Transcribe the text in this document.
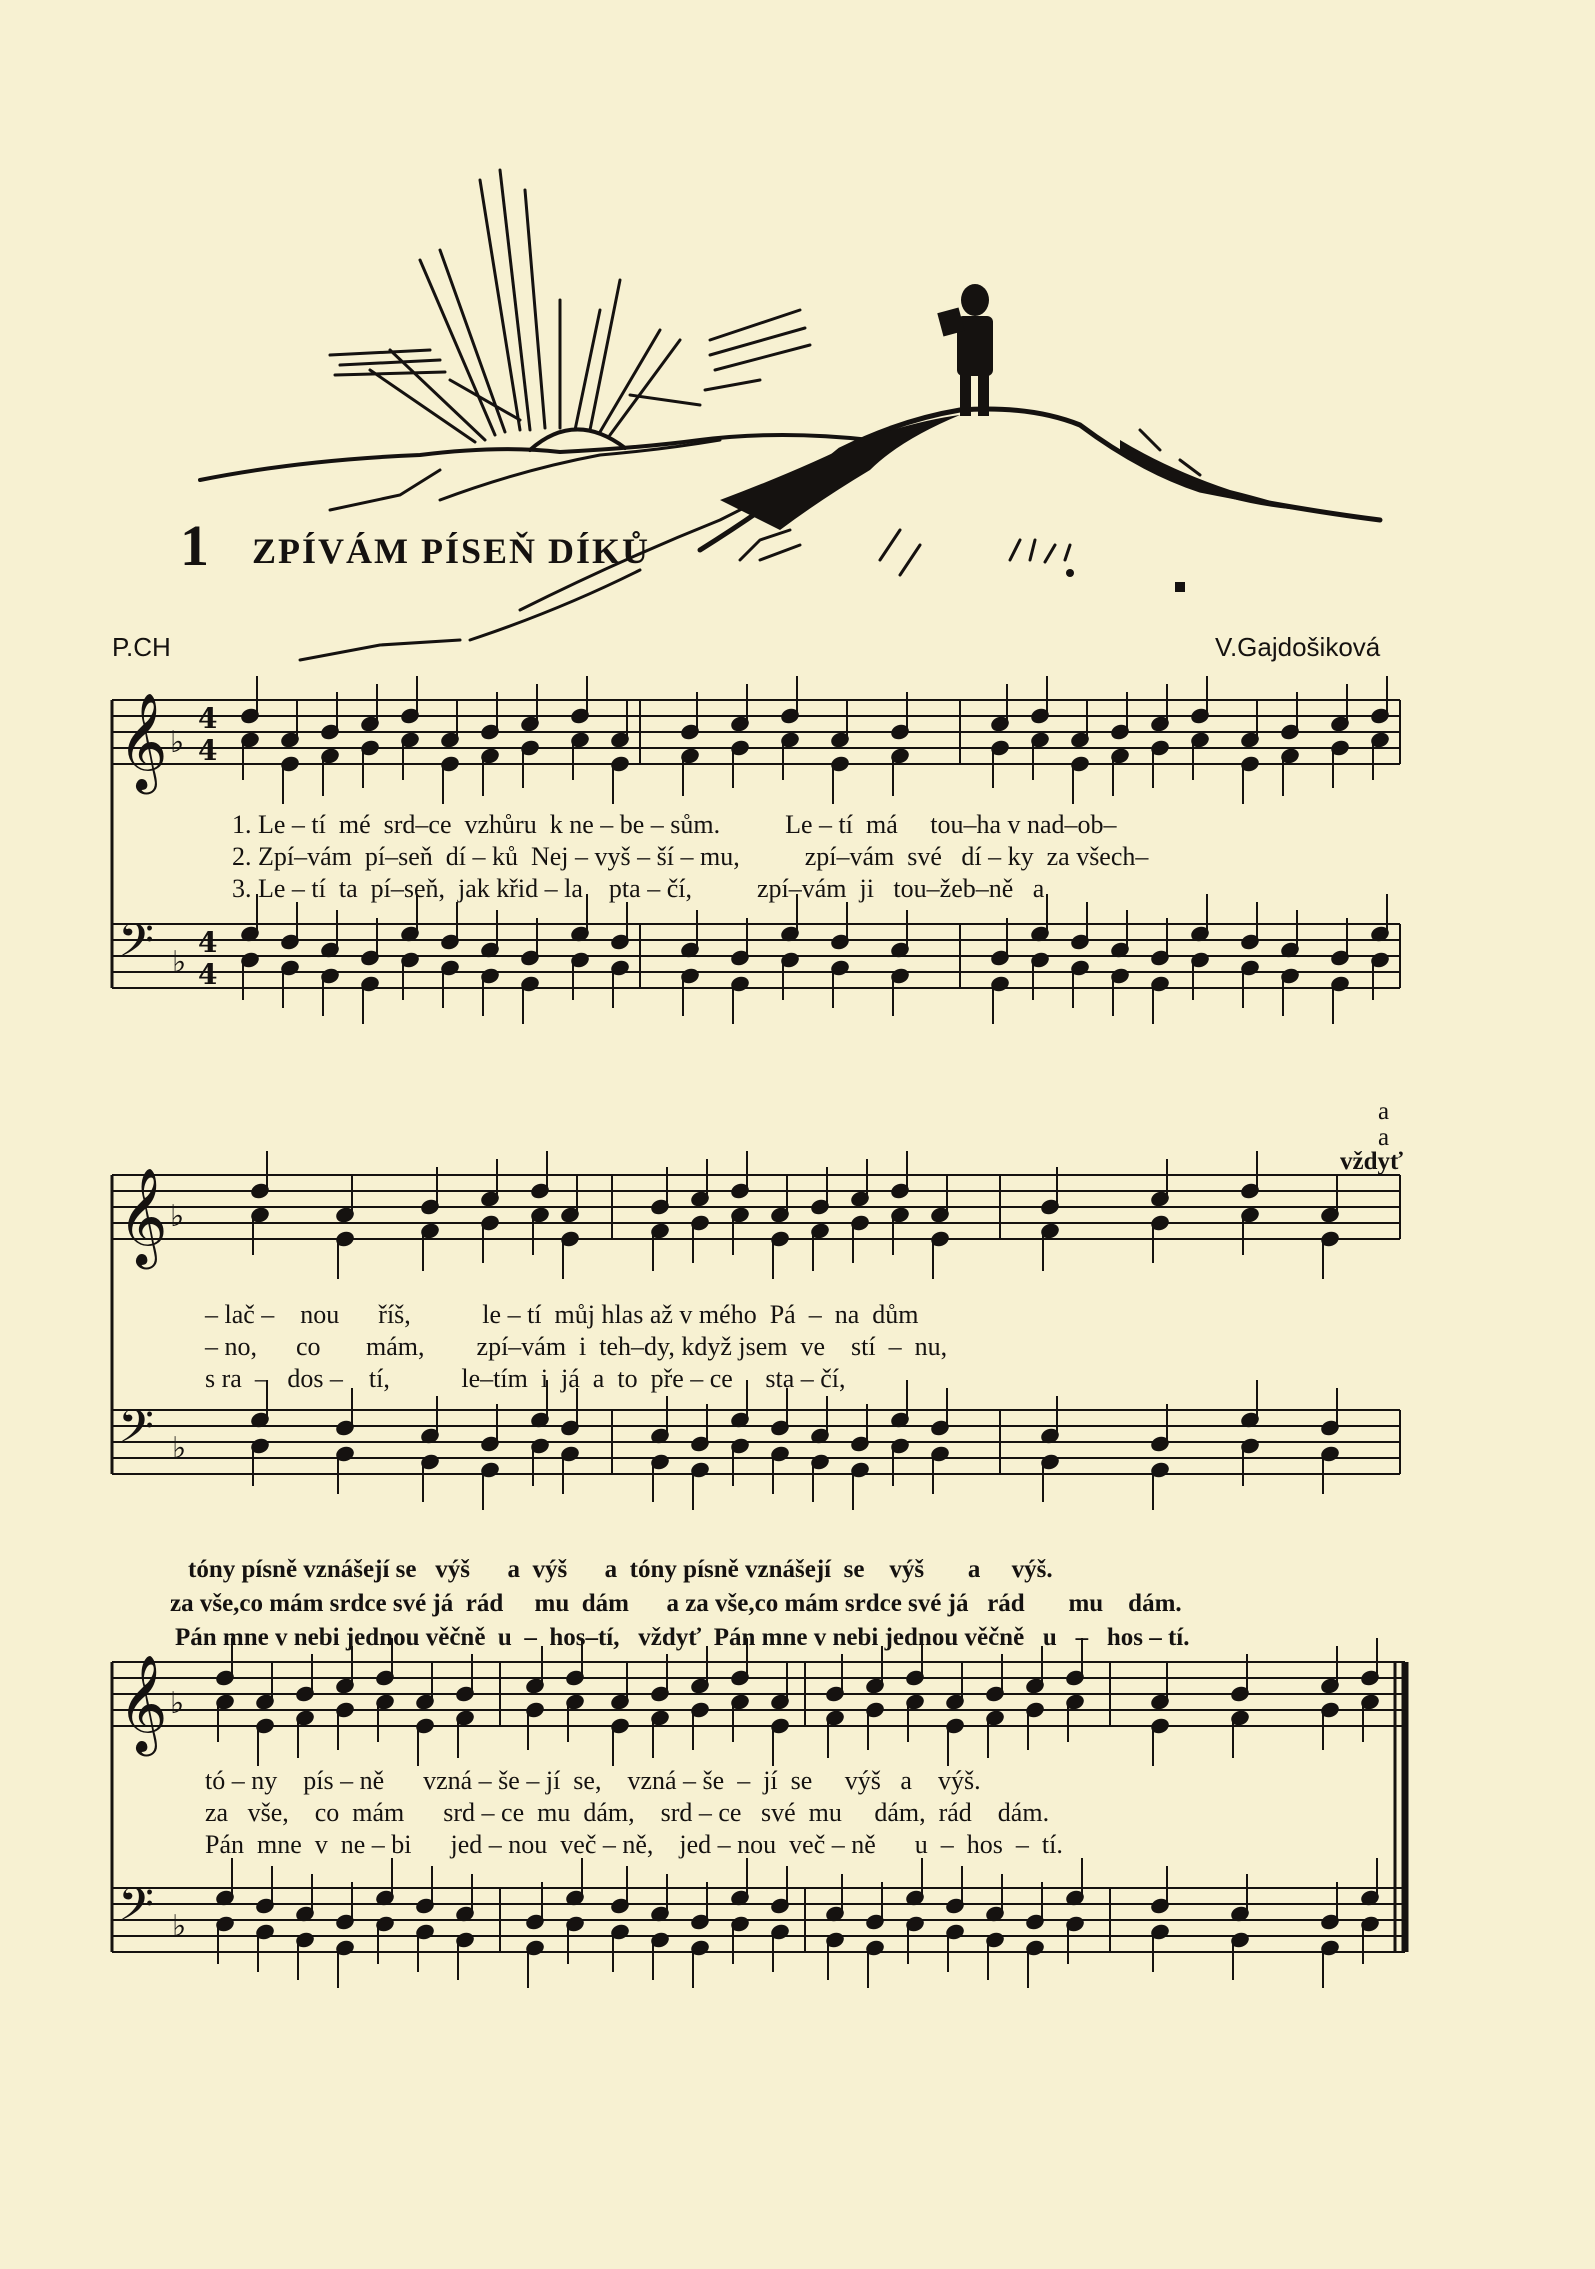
1 ZPÍVÁM PÍSEŇ DÍKŮ
P.CH	V.Gajdošiková
𝄞 ♭
4
4
𝄢 ♭
4
4
𝄞 ♭
𝄢 ♭
𝄞 ♭
𝄢 ♭
1. Le – tí  mé  srd–ce  vzhůru  k ne – be – sům.          Le – tí  má     tou–ha v nad–ob–
2. Zpí–vám  pí–seň  dí – ků  Nej – vyš – ší – mu,          zpí–vám  své   dí – ky  za všech–
3. Le – tí  ta  pí–seň,  jak křid – la    pta – čí,          zpí–vám  ji   tou–žeb–ně   a
a
a
vždyť
– lač –    nou      říš,           le – tí  můj hlas až v mého  Pá  –  na  dům
– no,      co       mám,        zpí–vám  i  teh–dy, když jsem  ve    stí  –  nu,
s ra  –   dos –    tí,           le–tím  i  já  a  to  pře – ce     sta – čí,
tóny písně vznášejí se   výš      a  výš      a  tóny písně vznášejí  se    výš       a     výš.
za vše,co mám srdce své já  rád     mu  dám      a za vše,co mám srdce své já   rád       mu    dám.
Pán mne v nebi jednou věčně  u  –  hos–tí,   vždyť  Pán mne v nebi jednou věčně   u   –   hos – tí.
tó – ny    pís – ně      vzná – še – jí  se,    vzná – še  –  jí  se     výš   a    výš.
za   vše,    co  mám      srd – ce  mu  dám,    srd – ce   své  mu     dám,  rád    dám.
Pán  mne  v  ne – bi      jed – nou  več – ně,    jed – nou  več – ně      u  –  hos  –  tí.
